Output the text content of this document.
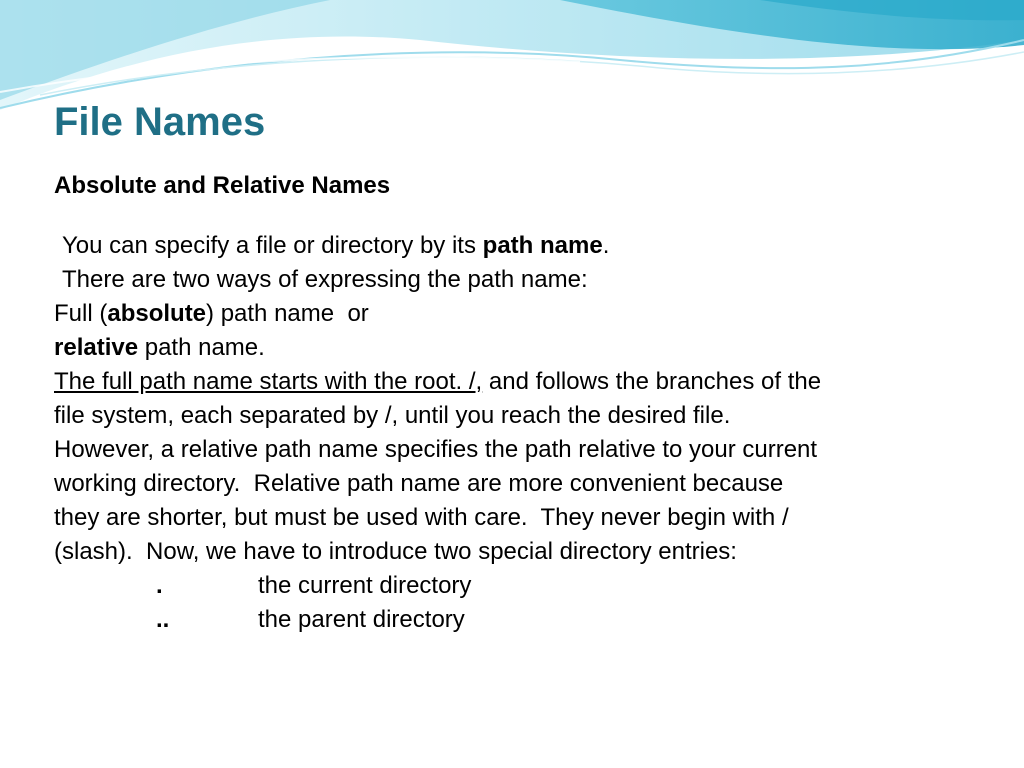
File Names
Absolute and Relative Names

You can specify a file or directory by its path name.

There are two ways of expressing the path name:

Full (absolute) path name  or

relative path name.

The full path name starts with the root. /, and follows the branches of the

file system, each separated by /, until you reach the desired file.

However, a relative path name specifies the path relative to your current

working directory.  Relative path name are more convenient because

they are shorter, but must be used with care.  They never begin with /

(slash).  Now, we have to introduce two special directory entries:

.	the current directory
..	the parent directory
